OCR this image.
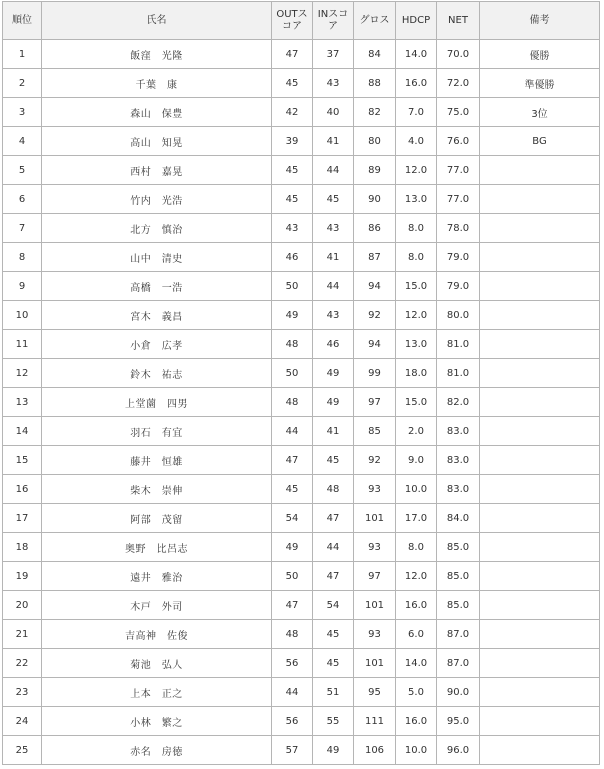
順位	氏名	OUTスコア	INスコア	グロス	HDCP	NET	備考
1	飯窪　光隆	47	37	84	14.0	70.0	優勝
2	千葉　康	45	43	88	16.0	72.0	準優勝
3	森山　保豊	42	40	82	7.0	75.0	3位
4	高山　知晃	39	41	80	4.0	76.0	BG
5	西村　嘉晃	45	44	89	12.0	77.0	
6	竹内　光浩	45	45	90	13.0	77.0	
7	北方　慎治	43	43	86	8.0	78.0	
8	山中　清史	46	41	87	8.0	79.0	
9	高橋　一浩	50	44	94	15.0	79.0	
10	宮木　義昌	49	43	92	12.0	80.0	
11	小倉　広孝	48	46	94	13.0	81.0	
12	鈴木　祐志	50	49	99	18.0	81.0	
13	上堂薗　四男	48	49	97	15.0	82.0	
14	羽石　有宜	44	41	85	2.0	83.0	
15	藤井　恒雄	47	45	92	9.0	83.0	
16	柴木　崇伸	45	48	93	10.0	83.0	
17	阿部　茂留	54	47	101	17.0	84.0	
18	奥野　比呂志	49	44	93	8.0	85.0	
19	遠井　雅治	50	47	97	12.0	85.0	
20	木戸　外司	47	54	101	16.0	85.0	
21	吉高神　佐俊	48	45	93	6.0	87.0	
22	菊池　弘人	56	45	101	14.0	87.0	
23	上本　正之	44	51	95	5.0	90.0	
24	小林　繁之	56	55	111	16.0	95.0	
25	赤名　房徳	57	49	106	10.0	96.0	
